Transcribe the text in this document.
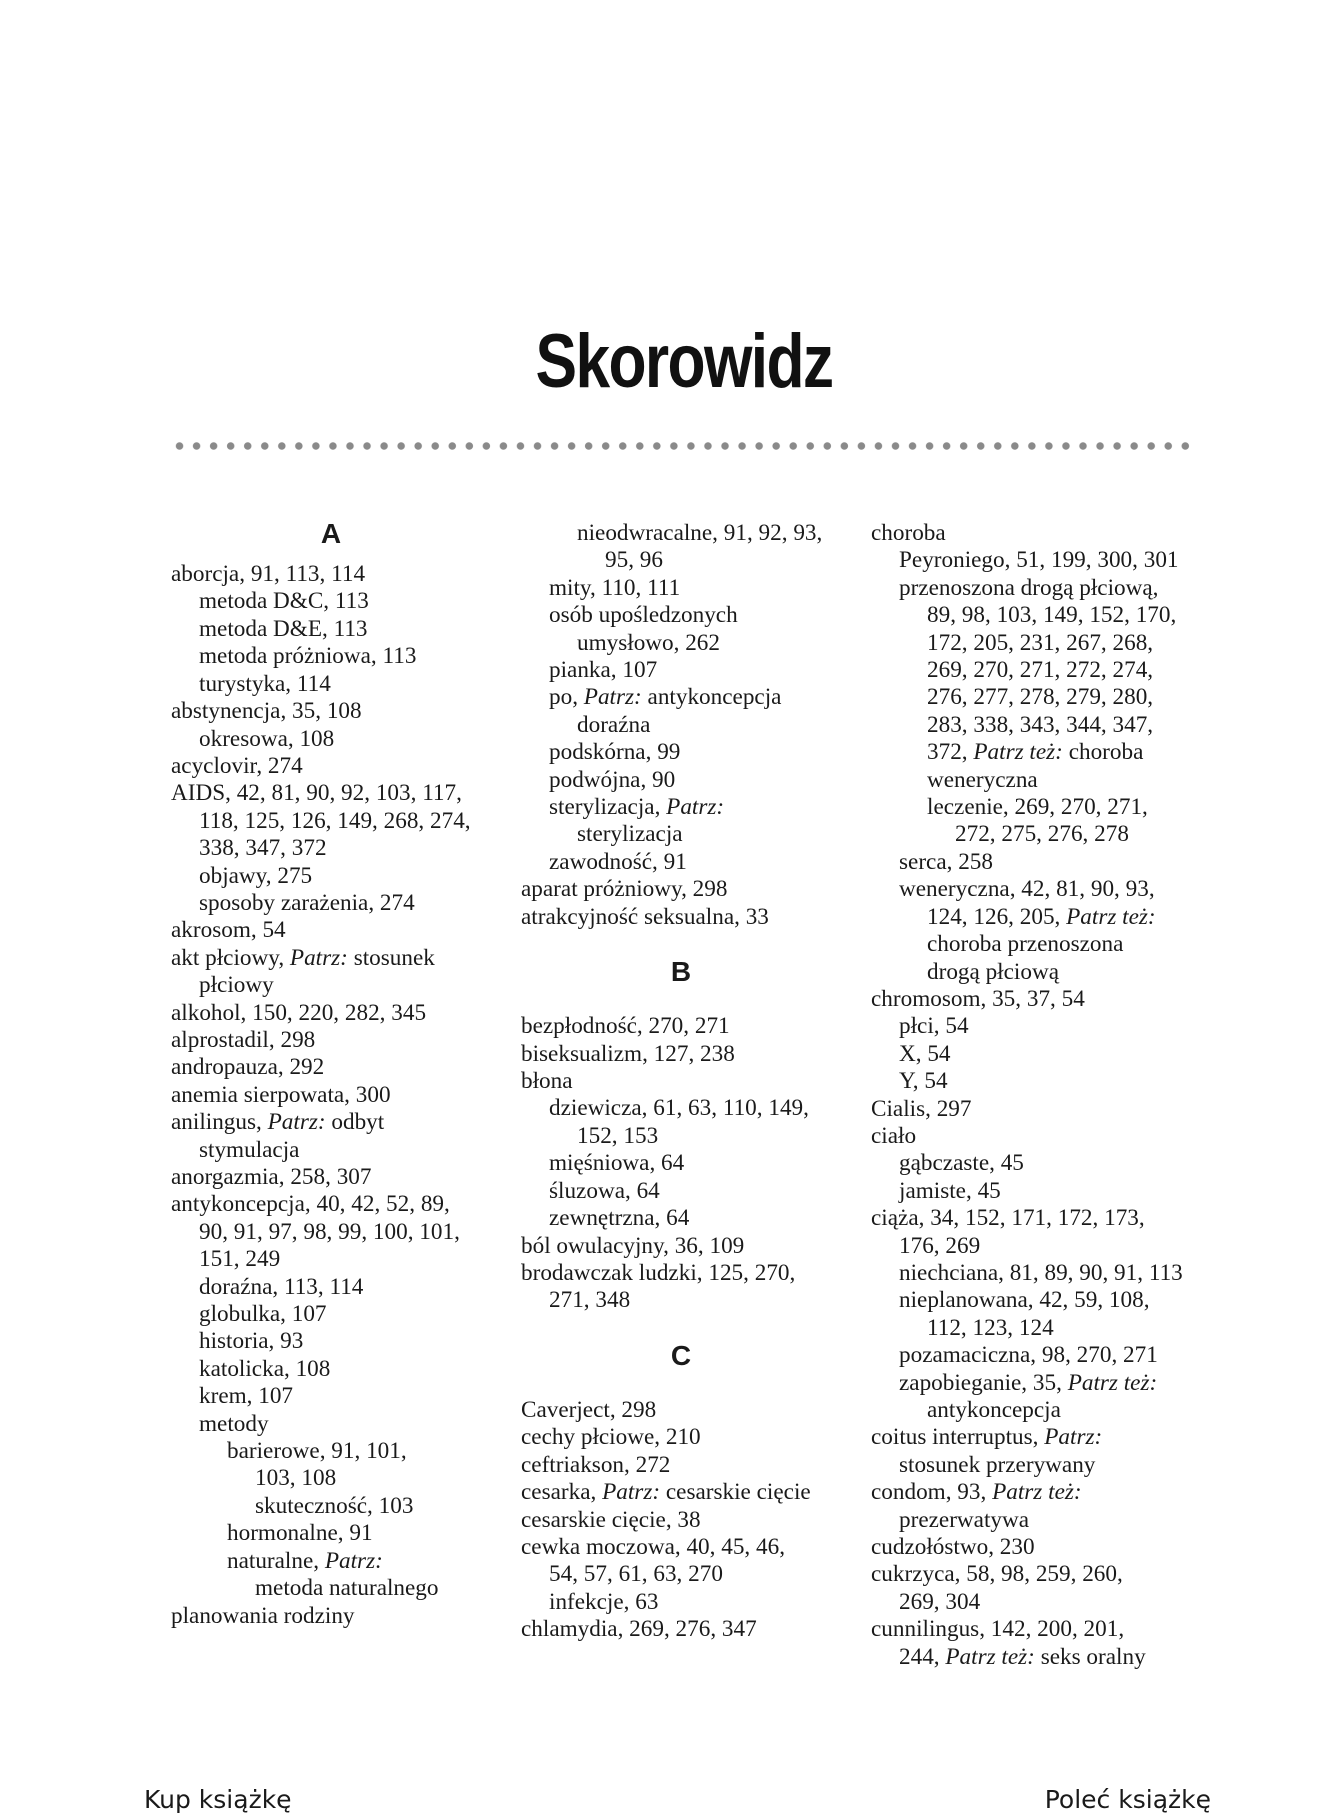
Skorowidz
A
aborcja, 91, 113, 114
metoda D&C, 113
metoda D&E, 113
metoda próżniowa, 113
turystyka, 114
abstynencja, 35, 108
okresowa, 108
acyclovir, 274
AIDS, 42, 81, 90, 92, 103, 117,
118, 125, 126, 149, 268, 274,
338, 347, 372
objawy, 275
sposoby zarażenia, 274
akrosom, 54
akt płciowy, Patrz: stosunek
płciowy
alkohol, 150, 220, 282, 345
alprostadil, 298
andropauza, 292
anemia sierpowata, 300
anilingus, Patrz: odbyt
stymulacja
anorgazmia, 258, 307
antykoncepcja, 40, 42, 52, 89,
90, 91, 97, 98, 99, 100, 101,
151, 249
doraźna, 113, 114
globulka, 107
historia, 93
katolicka, 108
krem, 107
metody
barierowe, 91, 101,
103, 108
skuteczność, 103
hormonalne, 91
naturalne, Patrz:
metoda naturalnego
planowania rodziny
nieodwracalne, 91, 92, 93,
95, 96
mity, 110, 111
osób upośledzonych
umysłowo, 262
pianka, 107
po, Patrz: antykoncepcja
doraźna
podskórna, 99
podwójna, 90
sterylizacja, Patrz:
sterylizacja
zawodność, 91
aparat próżniowy, 298
atrakcyjność seksualna, 33
B
bezpłodność, 270, 271
biseksualizm, 127, 238
błona
dziewicza, 61, 63, 110, 149,
152, 153
mięśniowa, 64
śluzowa, 64
zewnętrzna, 64
ból owulacyjny, 36, 109
brodawczak ludzki, 125, 270,
271, 348
C
Caverject, 298
cechy płciowe, 210
ceftriakson, 272
cesarka, Patrz: cesarskie cięcie
cesarskie cięcie, 38
cewka moczowa, 40, 45, 46,
54, 57, 61, 63, 270
infekcje, 63
chlamydia, 269, 276, 347
choroba
Peyroniego, 51, 199, 300, 301
przenoszona drogą płciową,
89, 98, 103, 149, 152, 170,
172, 205, 231, 267, 268,
269, 270, 271, 272, 274,
276, 277, 278, 279, 280,
283, 338, 343, 344, 347,
372, Patrz też: choroba
weneryczna
leczenie, 269, 270, 271,
272, 275, 276, 278
serca, 258
weneryczna, 42, 81, 90, 93,
124, 126, 205, Patrz też:
choroba przenoszona
drogą płciową
chromosom, 35, 37, 54
płci, 54
X, 54
Y, 54
Cialis, 297
ciało
gąbczaste, 45
jamiste, 45
ciąża, 34, 152, 171, 172, 173,
176, 269
niechciana, 81, 89, 90, 91, 113
nieplanowana, 42, 59, 108,
112, 123, 124
pozamaciczna, 98, 270, 271
zapobieganie, 35, Patrz też:
antykoncepcja
coitus interruptus, Patrz:
stosunek przerywany
condom, 93, Patrz też:
prezerwatywa
cudzołóstwo, 230
cukrzyca, 58, 98, 259, 260,
269, 304
cunnilingus, 142, 200, 201,
244, Patrz też: seks oralny
Kup książkę	Poleć książkę
